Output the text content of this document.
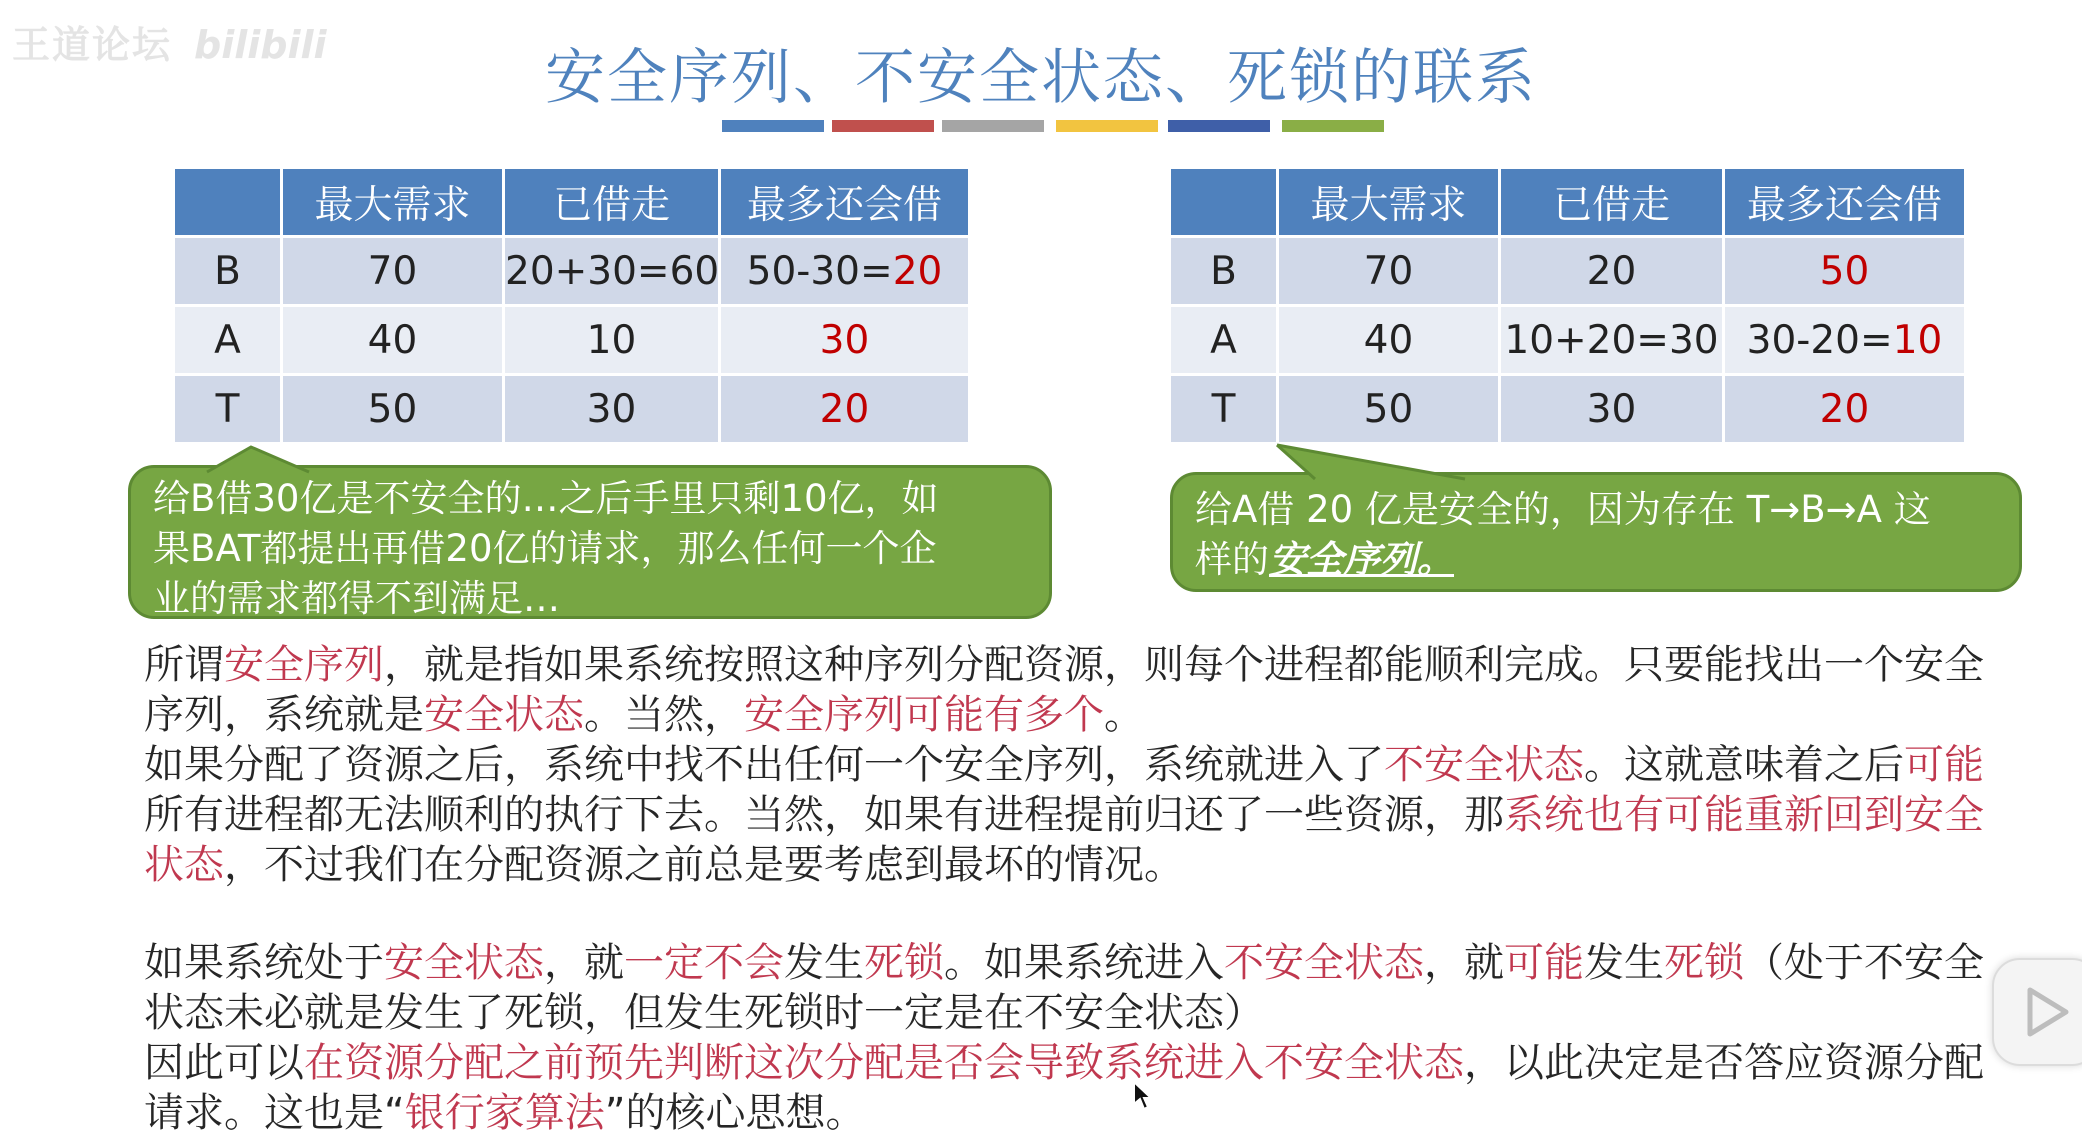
王道论坛 bilibili	安全序列、不安全状态、死锁的联系
	最大需求	已借走	最多还会借
B	70	20+30=60	50-30=20
A	40	10	30
T	50	30	20
	最大需求	已借走	最多还会借
B	70	20	50
A	40	10+20=30	30-20=10
T	50	30	20
给B借30亿是不安全的…之后手里只剩10亿，如
果BAT都提出再借20亿的请求，那么任何一个企
业的需求都得不到满足…
给A借 20 亿是安全的，因为存在 T→B→A 这
样的安全序列。

所谓安全序列，就是指如果系统按照这种序列分配资源，则每个进程都能顺利完成。只要能找出一个安全序列，系统就是安全状态。当然，安全序列可能有多个。

如果分配了资源之后，系统中找不出任何一个安全序列，系统就进入了不安全状态。这就意味着之后可能所有进程都无法顺利的执行下去。当然，如果有进程提前归还了一些资源，那系统也有可能重新回到安全状态，不过我们在分配资源之前总是要考虑到最坏的情况。

如果系统处于安全状态，就一定不会发生死锁。如果系统进入不安全状态，就可能发生死锁（处于不安全状态未必就是发生了死锁，但发生死锁时一定是在不安全状态）

因此可以在资源分配之前预先判断这次分配是否会导致系统进入不安全状态，以此决定是否答应资源分配请求。这也是“银行家算法”的核心思想。
